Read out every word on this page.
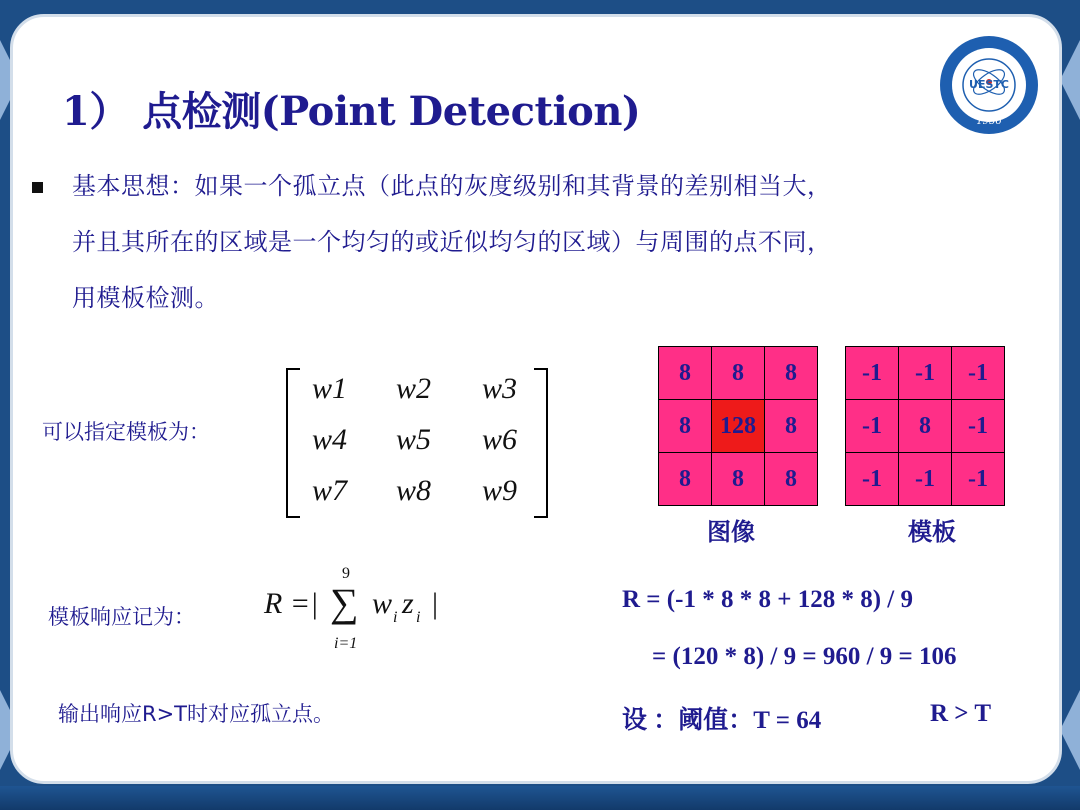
1） 点检测(Point Detection)
UESTC
1956
基本思想：如果一个孤立点（此点的灰度级别和其背景的差别相当大，
并且其所在的区域是一个均匀的或近似均匀的区域）与周围的点不同，
用模板检测。
可以指定模板为：
w1 w2 w3
w4 w5 w6
w7 w8 w9
8	8	8
8	128	8
8	8	8
图像
-1	-1	-1
-1	8	-1
-1	-1	-1
模板
模板响应记为： R =|
9
∑
i=1
w i z i |	R = (-1 * 8 * 8 + 128 * 8) / 9
= (120 * 8) / 9 = 960 / 9 = 106
设 ：阈值：T = 64	R > T
输出响应R>T时对应孤立点。
